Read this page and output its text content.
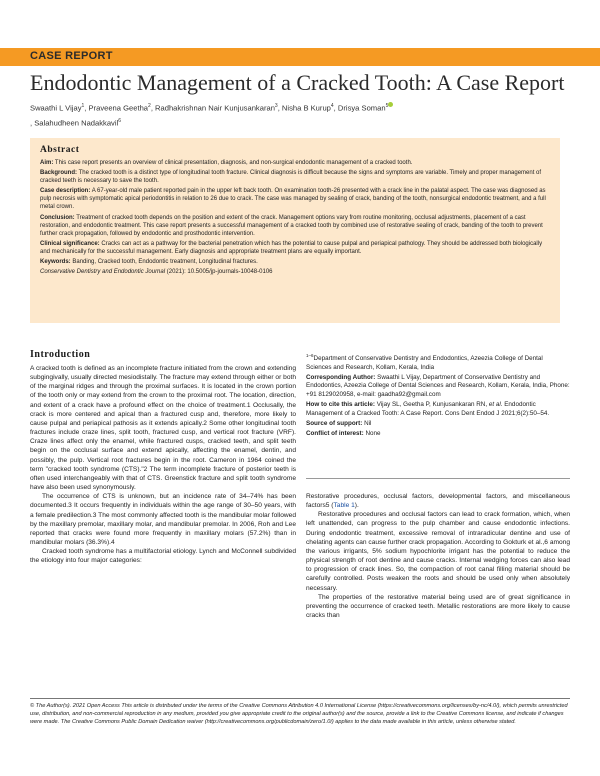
CASE REPORT
Endodontic Management of a Cracked Tooth: A Case Report
Swaathi L Vijay$^1$, Praveena Geetha$^2$, Radhakrishnan Nair Kunjusankaran$^3$, Nisha B Kurup$^4$, Drisya Soman$^5$
, Salahudheen Nadakkavil$^6$

Abstract

Aim: This case report presents an overview of clinical presentation, diagnosis, and non-surgical endodontic management of a cracked tooth.

Background: The cracked tooth is a distinct type of longitudinal tooth fracture. Clinical diagnosis is difficult because the signs and symptoms are variable. Timely and proper management of cracked teeth is necessary to save the tooth.

Case description: A 67-year-old male patient reported pain in the upper left back tooth. On examination tooth-26 presented with a crack line in the palatal aspect. The case was diagnosed as pulp necrosis with symptomatic apical periodontitis in relation to 26 due to crack. The case was managed by sealing of crack, banding of the tooth, nonsurgical endodontic treatment, and a full metal crown.

Conclusion: Treatment of cracked tooth depends on the position and extent of the crack. Management options vary from routine monitoring, occlusal adjustments, placement of a cast restoration, and endodontic treatment. This case report presents a successful management of a cracked tooth by combined use of restorative sealing of crack, banding of the tooth to prevent further crack propagation, followed by endodontic and prosthodontic intervention.

Clinical significance: Cracks can act as a pathway for the bacterial penetration which has the potential to cause pulpal and periapical pathology. They should be addressed both biologically and mechanically for the successful management. Early diagnosis and appropriate treatment plans are equally important.

Keywords: Banding, Cracked tooth, Endodontic treatment, Longitudinal fractures.

Conservative Dentistry and Endodontic Journal (2021): 10.5005/jp-journals-10048-0106

Introduction

A cracked tooth is defined as an incomplete fracture initiated from the crown and extending subgingivally, usually directed mesiodistally. The fracture may extend through either or both of the marginal ridges and through the proximal surfaces. It is located in the crown portion of the tooth only or may extend from the crown to the proximal root. The location, direction, and extent of a crack have a profound effect on the choice of treatment.1 Occlusally, the crack is more centered and apical than a fractured cusp and, therefore, more likely to cause pulpal and periapical pathosis as it extends apically.2 Some other longitudinal tooth fractures include craze lines, split tooth, fractured cusp, and vertical root fracture (VRF). Craze lines affect only the enamel, while fractured cusps, cracked teeth, and split teeth begin on the occlusal surface and extend apically, affecting the enamel, dentin, and possibly, the pulp. Vertical root fractures begin in the root. Cameron in 1964 coined the term "cracked tooth syndrome (CTS)."2 The term incomplete fracture of posterior teeth is often used interchangeably with that of CTS. Greenstick fracture and split tooth syndrome have also been used synonymously.

The occurrence of CTS is unknown, but an incidence rate of 34–74% has been documented.3 It occurs frequently in individuals within the age range of 30–50 years, with a female predilection.3 The most commonly affected tooth is the mandibular molar followed by the maxillary premolar, maxillary molar, and mandibular premolar. In 2006, Roh and Lee reported that cracks were found more frequently in maxillary molars (57.2%) than in mandibular molars (36.3%).4

Cracked tooth syndrome has a multifactorial etiology. Lynch and McConnell subdivided the etiology into four major categories:

$^{1-6}$Department of Conservative Dentistry and Endodontics, Azeezia College of Dental Sciences and Research, Kollam, Kerala, India

Corresponding Author: Swaathi L Vijay, Department of Conservative Dentistry and Endodontics, Azeezia College of Dental Sciences and Research, Kollam, Kerala, India, Phone: +91 8129020958, e-mail: gaadha92@gmail.com

How to cite this article: Vijay SL, Geetha P, Kunjusankaran RN, et al. Endodontic Management of a Cracked Tooth: A Case Report. Cons Dent Endod J 2021;6(2):50–54.

Source of support: Nil

Conflict of interest: None

Restorative procedures, occlusal factors, developmental factors, and miscellaneous factors5 (Table 1).

Restorative procedures and occlusal factors can lead to crack formation, which, when left unattended, can progress to the pulp chamber and cause endodontic infections. During endodontic treatment, excessive removal of intraradicular dentine and use of chelating agents can cause further crack propagation. According to Gokturk et al.,6 among the various irrigants, 5% sodium hypochlorite irrigant has the potential to reduce the physical strength of root dentine and cause cracks. Internal wedging forces can also lead to progression of crack lines. So, the compaction of root canal filling material should be carefully controlled. Posts weaken the roots and should be used only when absolutely necessary.

The properties of the restorative material being used are of great significance in preventing the occurrence of cracked teeth. Metallic restorations are more likely to cause cracks than

© The Author(s). 2021 Open Access This article is distributed under the terms of the Creative Commons Attribution 4.0 International License (https://creativecommons.org/licenses/by-nc/4.0/), which permits unrestricted use, distribution, and non-commercial reproduction in any medium, provided you give appropriate credit to the original author(s) and the source, provide a link to the Creative Commons license, and indicate if changes were made. The Creative Commons Public Domain Dedication waiver (http://creativecommons.org/publicdomain/zero/1.0/) applies to the data made available in this article, unless otherwise stated.
